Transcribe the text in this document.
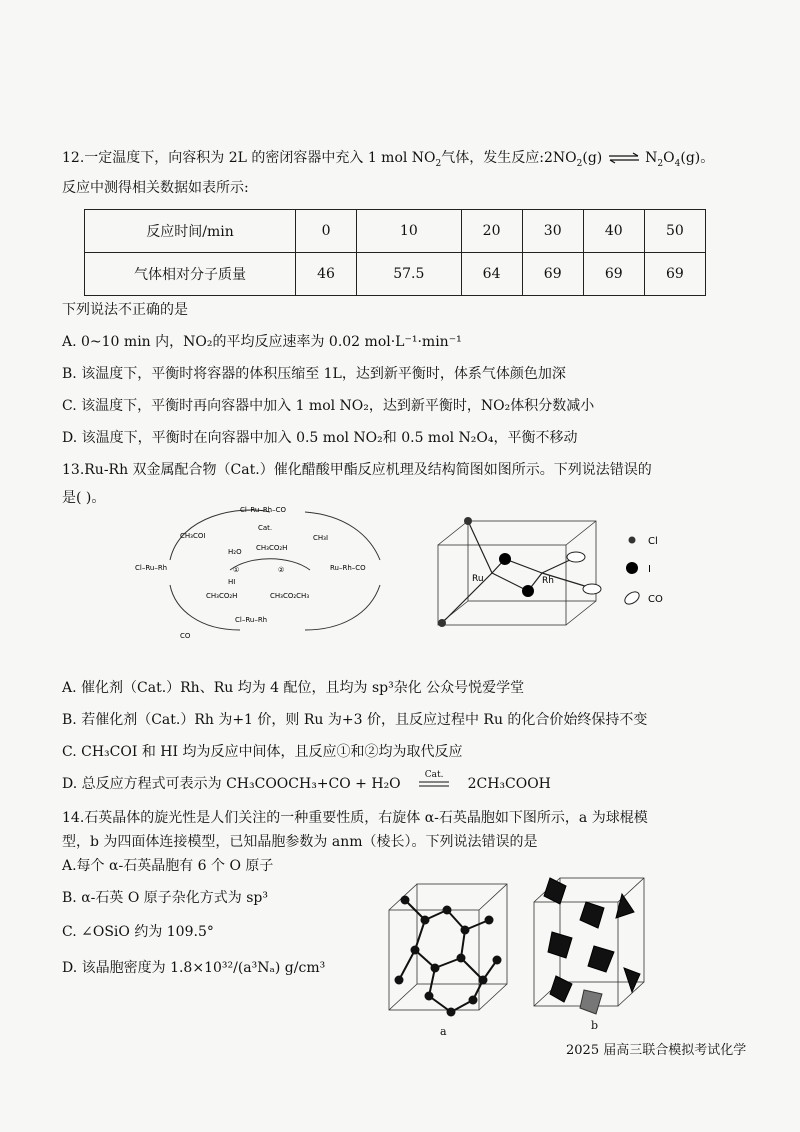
12.一定温度下，向容积为 2L 的密闭容器中充入 1 mol $NO_2$气体，发生反应$:2NO_2(g)$ ⇌ $N_2O_4(g)$。
反应中测得相关数据如表所示:
反应时间/min	0	10	20	30	40	50
气体相对分子质量	46	57.5	64	69	69	69
下列说法不正确的是
A. 0~10 min 内，NO₂的平均反应速率为 0.02 mol·L⁻¹·min⁻¹
B. 该温度下，平衡时将容器的体积压缩至 1L，达到新平衡时，体系气体颜色加深
C. 该温度下，平衡时再向容器中加入 1 mol NO₂，达到新平衡时，NO₂体积分数减小
D. 该温度下，平衡时在向容器中加入 0.5 mol NO₂和 0.5 mol N₂O₄，平衡不移动
13.Ru-Rh 双金属配合物（Cat.）催化醋酸甲酯反应机理及结构简图如图所示。下列说法错误的
是( )。
Cl–Ru–Rh–CO
Cat.
CH₃COI
H₂O
①
HI
CH₃CO₂H
②
CH₃I
CH₃CO₂H	CH₃CO₂CH₃
Cl–Ru–Rh	Ru–Rh–CO
Cl–Ru–Rh
CO
Ru	Rh
Cl
I
CO
A. 催化剂（Cat.）Rh、Ru 均为 4 配位，且均为 sp³杂化 公众号悦爱学堂
B. 若催化剂（Cat.）Rh 为+1 价，则 Ru 为+3 价，且反应过程中 Ru 的化合价始终保持不变
C. CH₃COI 和 HI 均为反应中间体，且反应①和②均为取代反应
D. 总反应方程式可表示为 CH₃COOCH₃+CO + H₂O
Cat.
2CH₃COOH
14.石英晶体的旋光性是人们关注的一种重要性质，右旋体 α-石英晶胞如下图所示，a 为球棍模
型，b 为四面体连接模型，已知晶胞参数为 anm（棱长）。下列说法错误的是
A.每个 α-石英晶胞有 6 个 O 原子
B. α-石英 O 原子杂化方式为 sp³
C. ∠OSiO 约为 109.5°
D. 该晶胞密度为 1.8×10³²/(a³Nₐ) g/cm³
a	b
2025 届高三联合模拟考试化学
